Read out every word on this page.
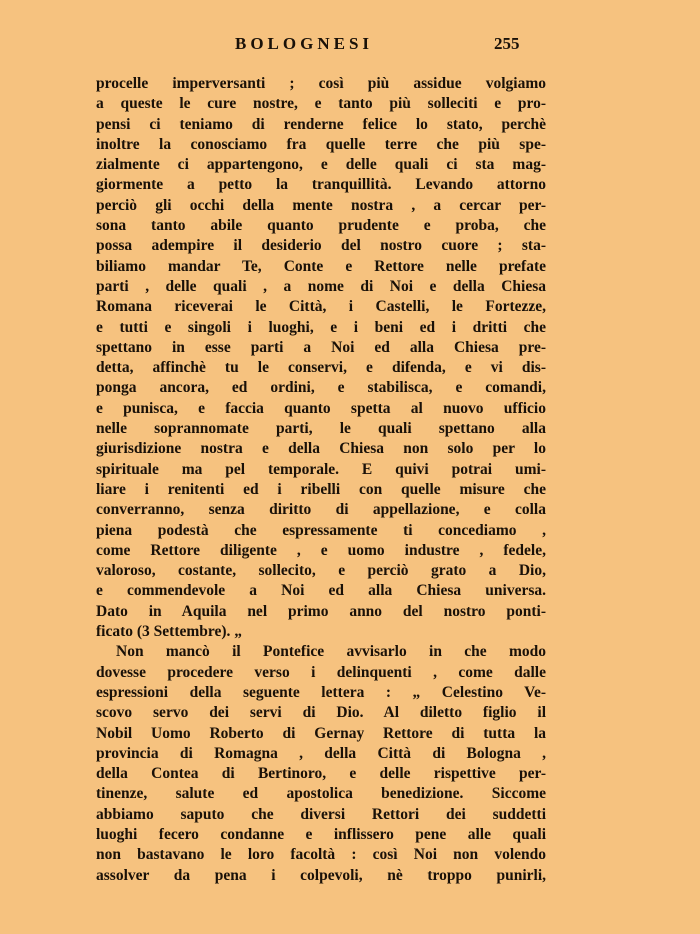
BOLOGNESI	255
procelle imperversanti ; così più assidue volgiamo
a queste le cure nostre, e tanto più solleciti e pro-
pensi ci teniamo di renderne felice lo stato, perchè
inoltre la conosciamo fra quelle terre che più spe-
zialmente ci appartengono, e delle quali ci sta mag-
giormente a petto la tranquillità. Levando attorno
perciò gli occhi della mente nostra , a cercar per-
sona tanto abile quanto prudente e proba, che
possa adempire il desiderio del nostro cuore ; sta-
biliamo mandar Te, Conte e Rettore nelle prefate
parti , delle quali , a nome di Noi e della Chiesa
Romana riceverai le Città, i Castelli, le Fortezze,
e tutti e singoli i luoghi, e i beni ed i dritti che
spettano in esse parti a Noi ed alla Chiesa pre-
detta, affinchè tu le conservi, e difenda, e vi dis-
ponga ancora, ed ordini, e stabilisca, e comandi,
e punisca, e faccia quanto spetta al nuovo ufficio
nelle soprannomate parti, le quali spettano alla
giurisdizione nostra e della Chiesa non solo per lo
spirituale ma pel temporale. E quivi potrai umi-
liare i renitenti ed i ribelli con quelle misure che
converranno, senza diritto di appellazione, e colla
piena podestà che espressamente ti concediamo ,
come Rettore diligente , e uomo industre , fedele,
valoroso, costante, sollecito, e perciò grato a Dio,
e commendevole a Noi ed alla Chiesa universa.
Dato in Aquila nel primo anno del nostro ponti-
ficato (3 Settembre). „
Non mancò il Pontefice avvisarlo in che modo
dovesse procedere verso i delinquenti , come dalle
espressioni della seguente lettera : „ Celestino Ve-
scovo servo dei servi di Dio. Al diletto figlio il
Nobil Uomo Roberto di Gernay Rettore di tutta la
provincia di Romagna , della Città di Bologna ,
della Contea di Bertinoro, e delle rispettive per-
tinenze, salute ed apostolica benedizione. Siccome
abbiamo saputo che diversi Rettori dei suddetti
luoghi fecero condanne e inflissero pene alle quali
non bastavano le loro facoltà : così Noi non volendo
assolver da pena i colpevoli, nè troppo punirli,
